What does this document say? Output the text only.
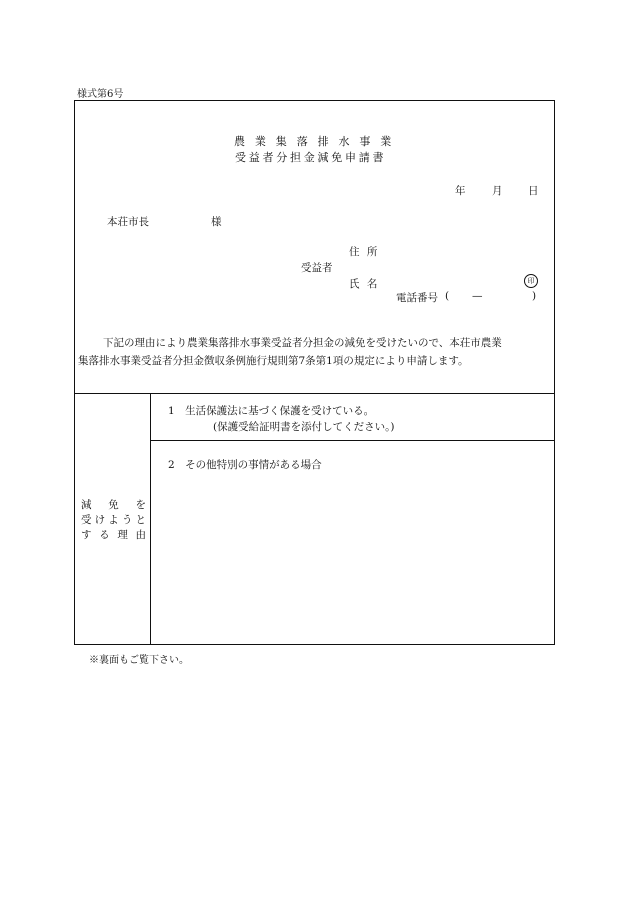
様式第6号
農業集落排水事業
受益者分担金減免申請書
年	月 日
本荘市長	様
住所
受益者
氏名	印
電話番号 ( —	)
下記の理由により農業集落排水事業受益者分担金の減免を受けたいので、本荘市農業
集落排水事業受益者分担金徴収条例施行規則第7条第1項の規定により申請します。
減免を
受けようと
する理由
1　生活保護法に基づく保護を受けている。
(保護受給証明書を添付してください。)
2　その他特別の事情がある場合
※裏面もご覧下さい。
